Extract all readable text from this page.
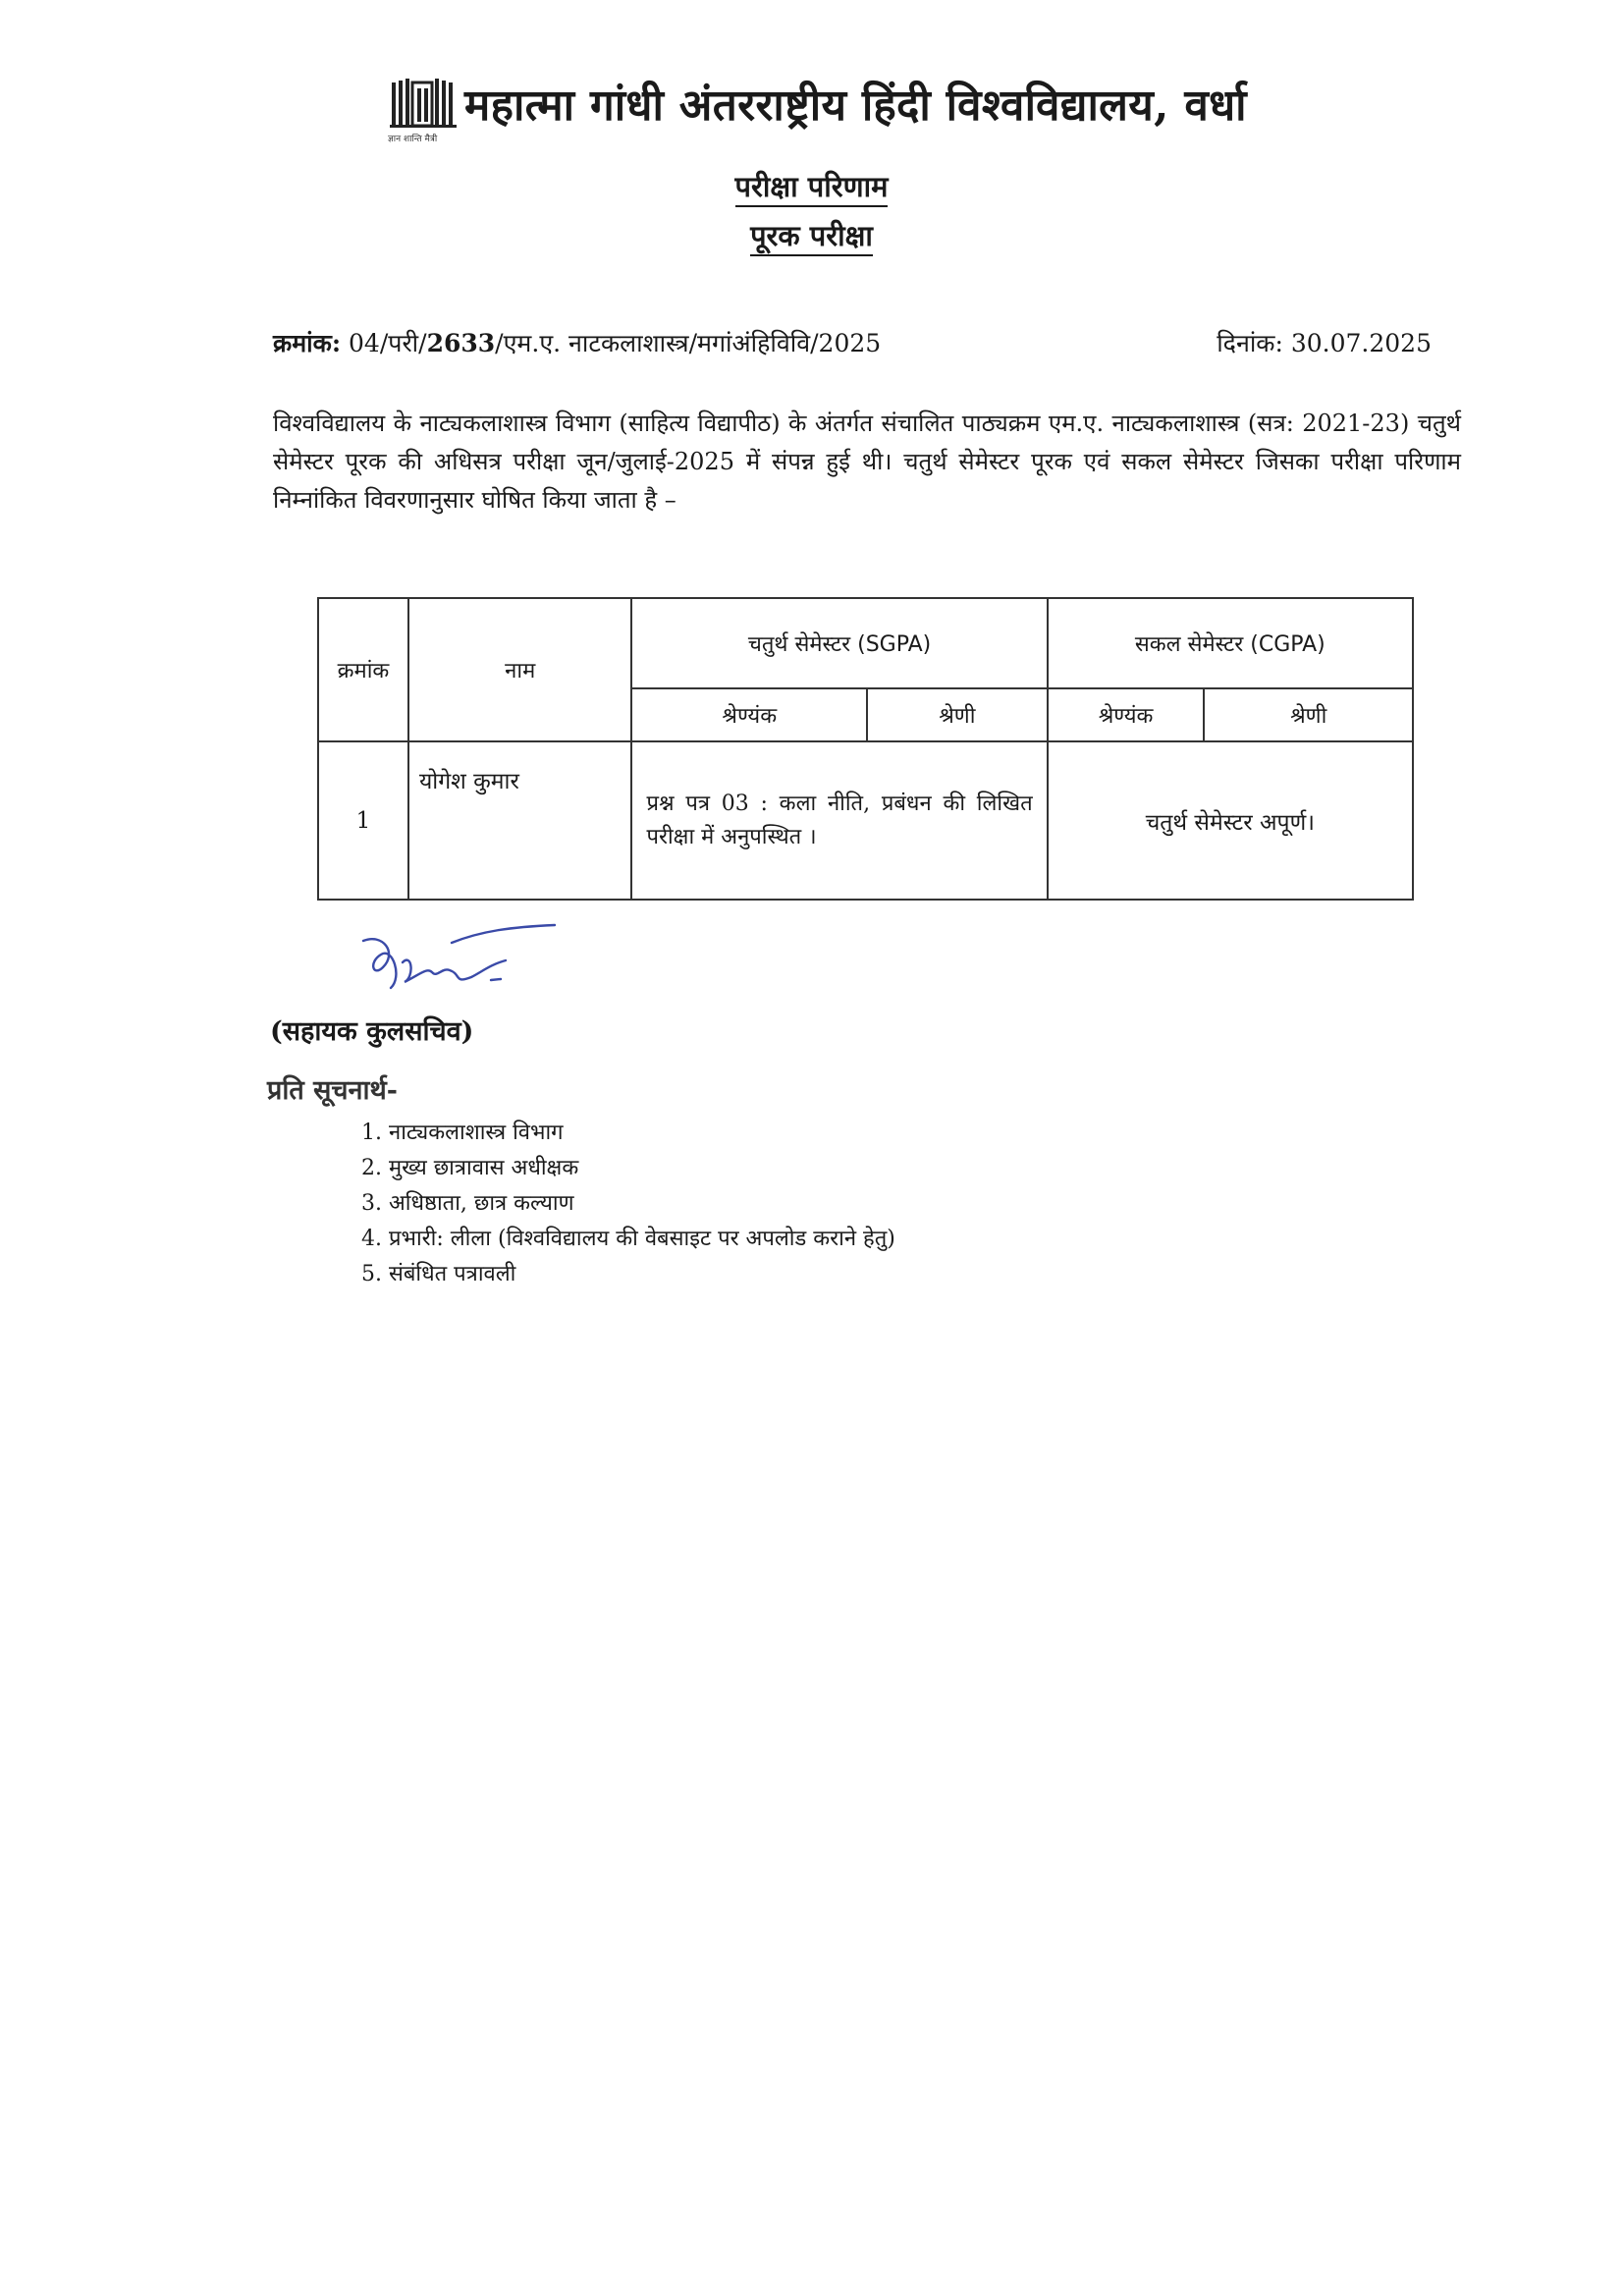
महात्मा गांधी अंतरराष्ट्रीय हिंदी विश्वविद्यालय, वर्धा
ज्ञान शान्ति मैत्री
परीक्षा परिणाम
पूरक परीक्षा
क्रमांक: 04/परी/2633/एम.ए. नाटकलाशास्त्र/मगांअंहिविवि/2025	दिनांक: 30.07.2025
विश्वविद्यालय के नाट्यकलाशास्त्र विभाग (साहित्य विद्यापीठ) के अंतर्गत संचालित पाठ्यक्रम एम.ए. नाट्यकलाशास्त्र (सत्र: 2021-23) चतुर्थ सेमेस्टर पूरक की अधिसत्र परीक्षा जून/जुलाई-2025 में संपन्न हुई थी। चतुर्थ सेमेस्टर पूरक एवं सकल सेमेस्टर जिसका परीक्षा परिणाम निम्नांकित विवरणानुसार घोषित किया जाता है –
क्रमांक	नाम	चतुर्थ सेमेस्टर (SGPA)		सकल सेमेस्टर (CGPA)	
		श्रेण्यंक	श्रेणी	श्रेण्यंक	श्रेणी
1	योगेश कुमार	प्रश्न पत्र 03 : कला नीति, प्रबंधन की लिखित परीक्षा में अनुपस्थित ।		चतुर्थ सेमेस्टर अपूर्ण।	
(सहायक कुलसचिव)
प्रति सूचनार्थ-
1. नाट्यकलाशास्त्र विभाग
2. मुख्य छात्रावास अधीक्षक
3. अधिष्ठाता, छात्र कल्याण
4. प्रभारी: लीला (विश्वविद्यालय की वेबसाइट पर अपलोड कराने हेतु)
5. संबंधित पत्रावली
